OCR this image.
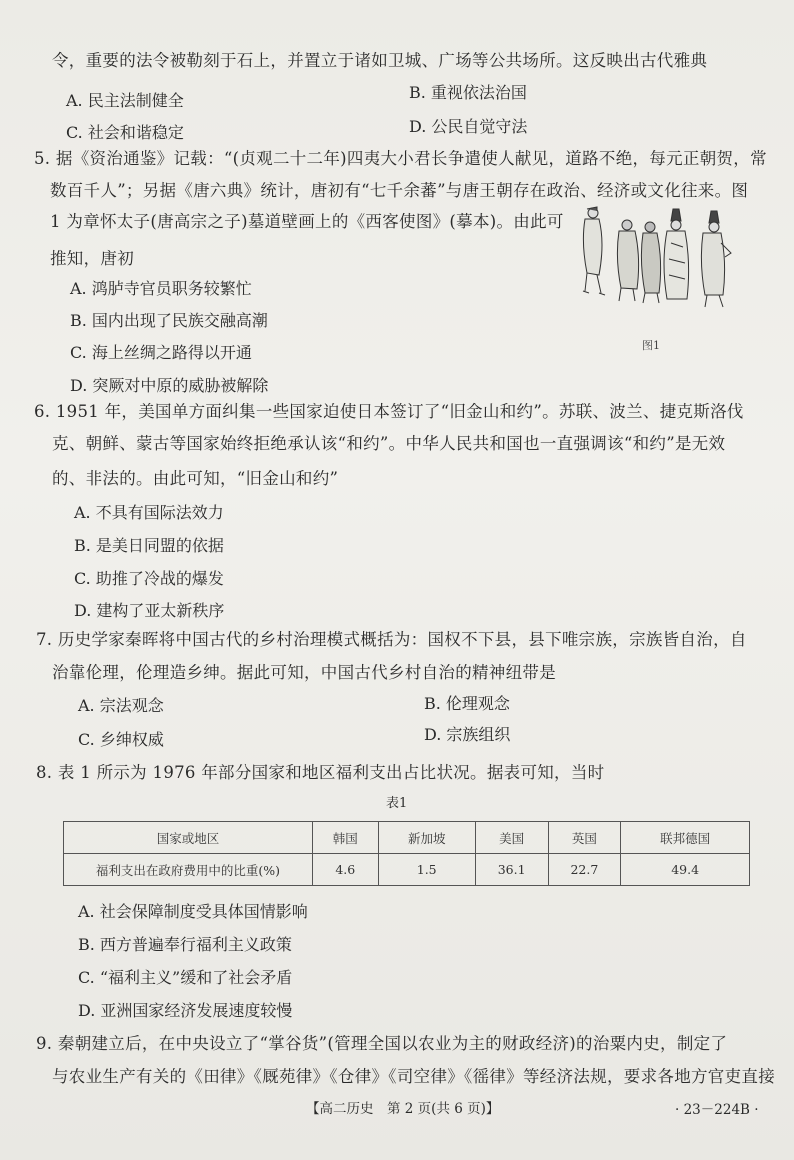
令，重要的法令被勒刻于石上，并置立于诸如卫城、广场等公共场所。这反映出古代雅典
A. 民主法制健全	B. 重视依法治国
C. 社会和谐稳定	D. 公民自觉守法
5. 据《资治通鉴》记载：“(贞观二十二年)四夷大小君长争遣使人献见，道路不绝，每元正朝贺，常
数百千人”；另据《唐六典》统计，唐初有“七千余蕃”与唐王朝存在政治、经济或文化往来。图
1 为章怀太子(唐高宗之子)墓道壁画上的《西客使图》(摹本)。由此可
推知，唐初
A. 鸿胪寺官员职务较繁忙
B. 国内出现了民族交融高潮
C. 海上丝绸之路得以开通
D. 突厥对中原的威胁被解除
图1
6. 1951 年，美国单方面纠集一些国家迫使日本签订了“旧金山和约”。苏联、波兰、捷克斯洛伐
克、朝鲜、蒙古等国家始终拒绝承认该“和约”。中华人民共和国也一直强调该“和约”是无效
的、非法的。由此可知，“旧金山和约”
A. 不具有国际法效力
B. 是美日同盟的依据
C. 助推了冷战的爆发
D. 建构了亚太新秩序
7. 历史学家秦晖将中国古代的乡村治理模式概括为：国权不下县，县下唯宗族，宗族皆自治，自
治靠伦理，伦理造乡绅。据此可知，中国古代乡村自治的精神纽带是
A. 宗法观念	B. 伦理观念
C. 乡绅权威	D. 宗族组织
8. 表 1 所示为 1976 年部分国家和地区福利支出占比状况。据表可知，当时
表1
国家或地区	韩国	新加坡	美国	英国	联邦德国
福利支出在政府费用中的比重(%)	4.6	1.5	36.1	22.7	49.4
A. 社会保障制度受具体国情影响
B. 西方普遍奉行福利主义政策
C. “福利主义”缓和了社会矛盾
D. 亚洲国家经济发展速度较慢
9. 秦朝建立后，在中央设立了“掌谷货”(管理全国以农业为主的财政经济)的治粟内史，制定了
与农业生产有关的《田律》《厩苑律》《仓律》《司空律》《徭律》等经济法规，要求各地方官吏直接
【高二历史　第 2 页(共 6 页)】	· 23－224B ·
